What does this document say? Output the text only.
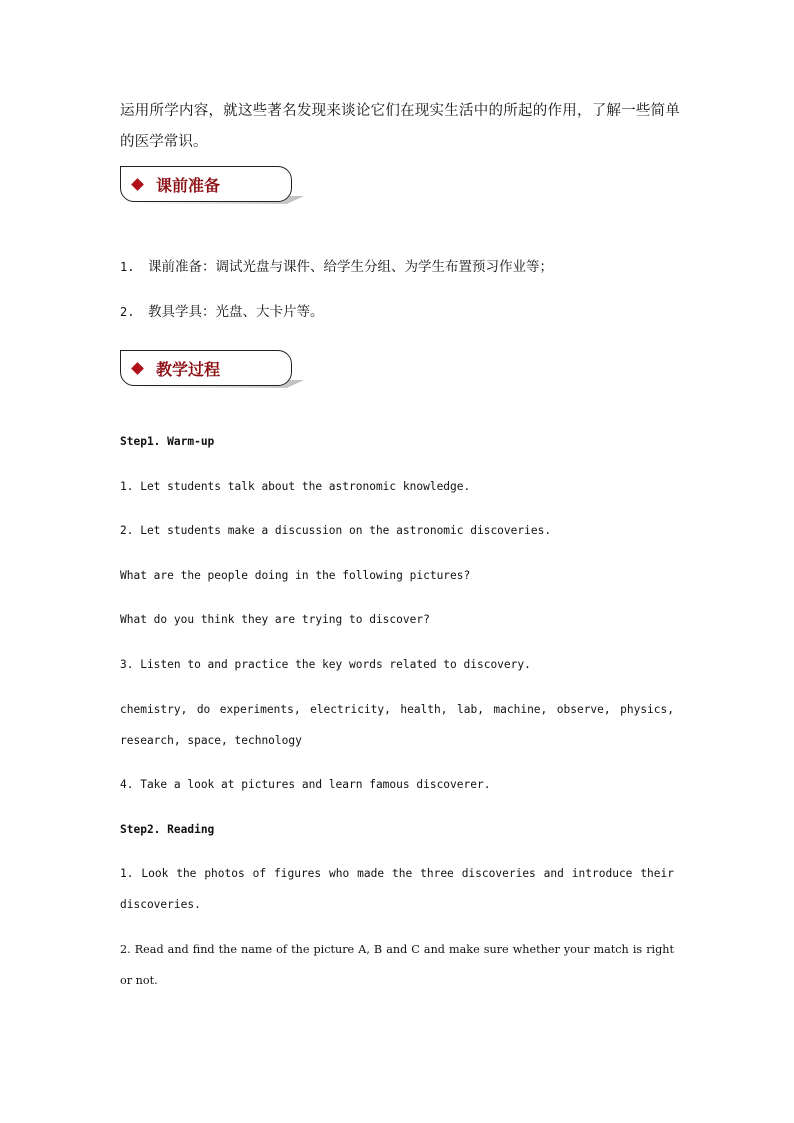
运用所学内容，就这些著名发现来谈论它们在现实生活中的所起的作用，了解一些简单的医学常识。
课前准备
1. 课前准备：调试光盘与课件、给学生分组、为学生布置预习作业等；
2. 教具学具：光盘、大卡片等。
教学过程
Step1. Warm-up
1. Let students talk about the astronomic knowledge.
2. Let students make a discussion on the astronomic discoveries.
What are the people doing in the following pictures?
What do you think they are trying to discover?
3. Listen to and practice the key words related to discovery.
chemistry, do experiments, electricity, health, lab, machine, observe, physics, research, space, technology
4. Take a look at pictures and learn famous discoverer.
Step2. Reading
1. Look the photos of figures who made the three discoveries and introduce their discoveries.
2. Read and find the name of the picture A, B and C and make sure whether your match is right or not.
